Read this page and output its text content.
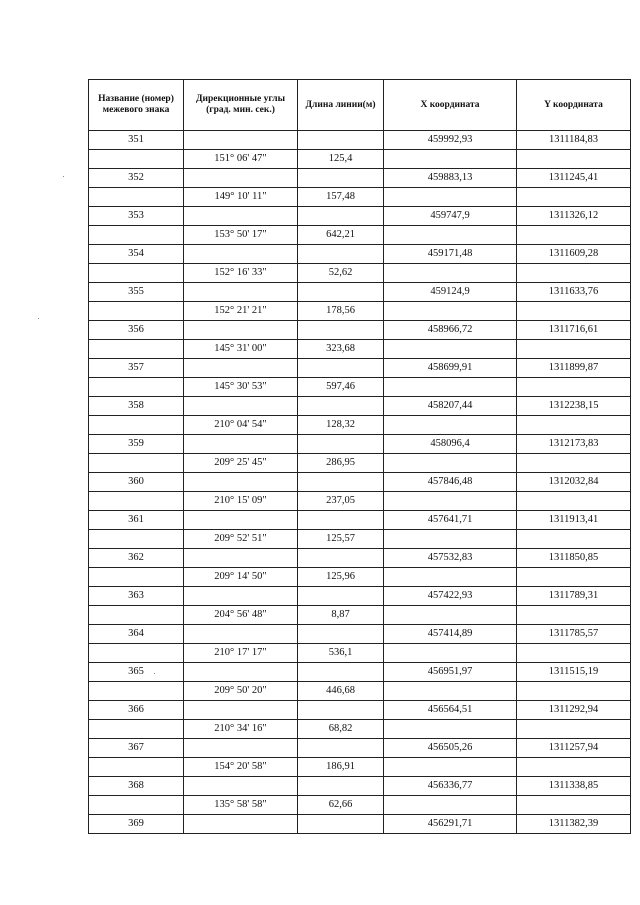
Название (номер) межевого знака	Дирекционные углы (град. мин. сек.)	Длина линии(м)	X координата	Y координата
351			459992,93	1311184,83
	151° 06' 47"	125,4		
352			459883,13	1311245,41
	149° 10' 11"	157,48		
353			459747,9	1311326,12
	153° 50' 17"	642,21		
354			459171,48	1311609,28
	152° 16' 33"	52,62		
355			459124,9	1311633,76
	152° 21' 21"	178,56		
356			458966,72	1311716,61
	145° 31' 00"	323,68		
357			458699,91	1311899,87
	145° 30' 53"	597,46		
358			458207,44	1312238,15
	210° 04' 54"	128,32		
359			458096,4	1312173,83
	209° 25' 45"	286,95		
360			457846,48	1312032,84
	210° 15' 09"	237,05		
361			457641,71	1311913,41
	209° 52' 51"	125,57		
362			457532,83	1311850,85
	209° 14' 50"	125,96		
363			457422,93	1311789,31
	204° 56' 48"	8,87		
364			457414,89	1311785,57
	210° 17' 17"	536,1		
365			456951,97	1311515,19
	209° 50' 20"	446,68		
366			456564,51	1311292,94
	210° 34' 16"	68,82		
367			456505,26	1311257,94
	154° 20' 58"	186,91		
368			456336,77	1311338,85
	135° 58' 58"	62,66		
369			456291,71	1311382,39
